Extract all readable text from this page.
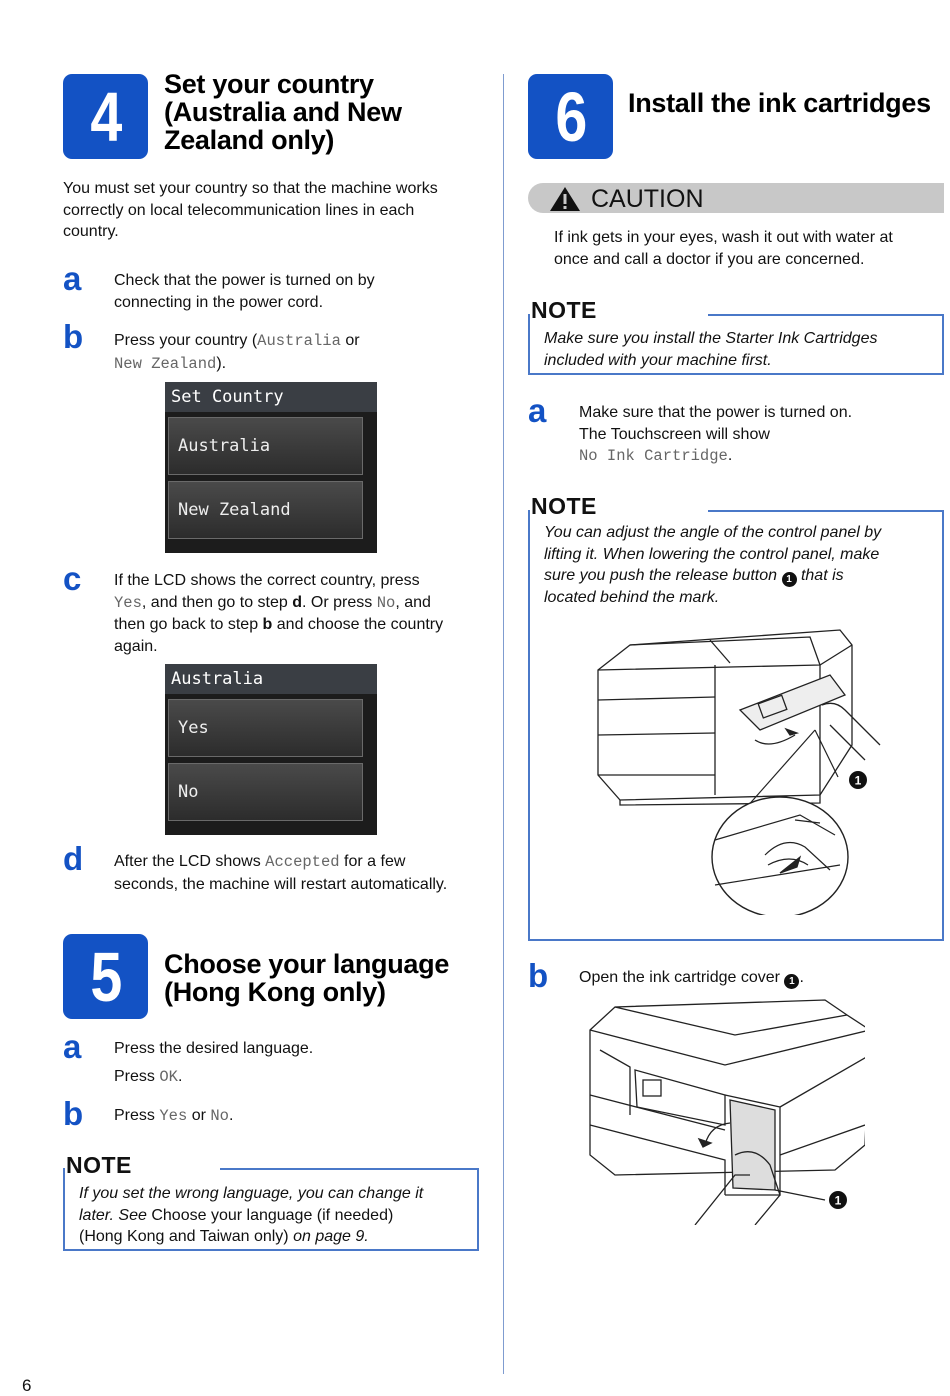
4 Set your country
(Australia and New
Zealand only)
You must set your country so that the machine works
correctly on local telecommunication lines in each
country.
a Check that the power is turned on by
connecting in the power cord.
b Press your country (Australia or
New Zealand).
Set Country
Australia
New Zealand
c If the LCD shows the correct country, press
Yes, and then go to step d. Or press No, and
then go back to step b and choose the country
again.
Australia
Yes
No
d After the LCD shows Accepted for a few
seconds, the machine will restart automatically.
5 Choose your language
(Hong Kong only)
a Press the desired language.
Press OK.
b Press Yes or No.
NOTE
If you set the wrong language, you can change it
later. See Choose your language (if needed)
(Hong Kong and Taiwan only) on page 9.
6
6 Install the ink cartridges
CAUTION
If ink gets in your eyes, wash it out with water at
once and call a doctor if you are concerned.
NOTE
Make sure you install the Starter Ink Cartridges
included with your machine first.
a Make sure that the power is turned on.
The Touchscreen will show
No Ink Cartridge.
NOTE
You can adjust the angle of the control panel by
lifting it. When lowering the control panel, make
sure you push the release button 1 that is
located behind the mark.
1
b Open the ink cartridge cover 1 .
1
